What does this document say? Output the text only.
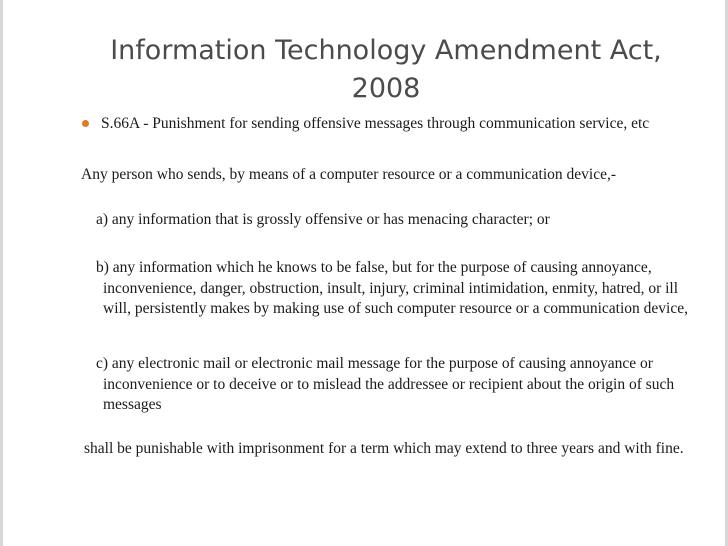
Information Technology Amendment Act,
2008

S.66A - Punishment for sending offensive messages through communication service, etc

Any person who sends, by means of a computer resource or a communication device,-

a) any information that is grossly offensive or has menacing character; or

b) any information which he knows to be false, but for the purpose of causing annoyance, inconvenience, danger, obstruction, insult, injury, criminal intimidation, enmity, hatred, or ill will, persistently makes by making use of such computer resource or a communication device,

c) any electronic mail or electronic mail message for the purpose of causing annoyance or inconvenience or to deceive or to mislead the addressee or recipient about the origin of such messages

shall be punishable with imprisonment for a term which may extend to three years and with fine.
